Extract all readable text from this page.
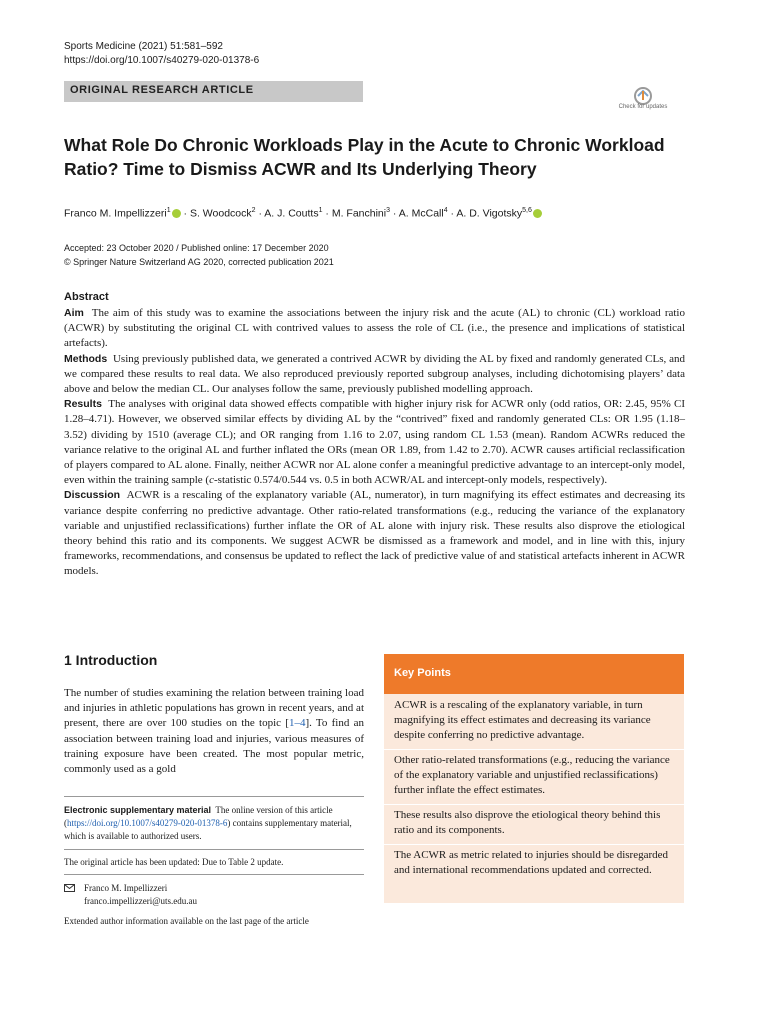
Sports Medicine (2021) 51:581–592
https://doi.org/10.1007/s40279-020-01378-6
ORIGINAL RESEARCH ARTICLE
Check for updates
What Role Do Chronic Workloads Play in the Acute to Chronic Workload Ratio? Time to Dismiss ACWR and Its Underlying Theory
Franco M. Impellizzeri$^1$ · S. Woodcock$^2$ · A. J. Coutts$^1$ · M. Fanchini$^3$ · A. McCall$^4$ · A. D. Vigotsky$^{5,6}$
Accepted: 23 October 2020 / Published online: 17 December 2020
© Springer Nature Switzerland AG 2020, corrected publication 2021
Abstract

Aim The aim of this study was to examine the associations between the injury risk and the acute (AL) to chronic (CL) workload ratio (ACWR) by substituting the original CL with contrived values to assess the role of CL (i.e., the presence and implications of statistical artefacts).

Methods Using previously published data, we generated a contrived ACWR by dividing the AL by fixed and randomly generated CLs, and we compared these results to real data. We also reproduced previously reported subgroup analyses, including dichotomising players’ data above and below the median CL. Our analyses follow the same, previously published modelling approach.

Results The analyses with original data showed effects compatible with higher injury risk for ACWR only (odd ratios, OR: 2.45, 95% CI 1.28–4.71). However, we observed similar effects by dividing AL by the “contrived” fixed and randomly generated CLs: OR 1.95 (1.18–3.52) dividing by 1510 (average CL); and OR ranging from 1.16 to 2.07, using random CL 1.53 (mean). Random ACWRs reduced the variance relative to the original AL and further inflated the ORs (mean OR 1.89, from 1.42 to 2.70). ACWR causes artificial reclassification of players compared to AL alone. Finally, neither ACWR nor AL alone confer a meaningful predictive advantage to an intercept-only model, even within the training sample (c-statistic 0.574/0.544 vs. 0.5 in both ACWR/AL and intercept-only models, respectively).

Discussion ACWR is a rescaling of the explanatory variable (AL, numerator), in turn magnifying its effect estimates and decreasing its variance despite conferring no predictive advantage. Other ratio-related transformations (e.g., reducing the variance of the explanatory variable and unjustified reclassifications) further inflate the OR of AL alone with injury risk. These results also disprove the etiological theory behind this ratio and its components. We suggest ACWR be dismissed as a framework and model, and in line with this, injury frameworks, recommendations, and consensus be updated to reflect the lack of predictive value of and statistical artefacts inherent in ACWR models.

1 Introduction
The number of studies examining the relation between training load and injuries in athletic populations has grown in recent years, and at present, there are over 100 studies on the topic [1–4]. To find an association between training load and injuries, various measures of training exposure have been created. The most popular metric, commonly used as a gold
Electronic supplementary material The online version of this article (https://doi.org/10.1007/s40279-020-01378-6) contains supplementary material, which is available to authorized users.
The original article has been updated: Due to Table 2 update.
Franco M. Impellizzeri
franco.impellizzeri@uts.edu.au
Extended author information available on the last page of the article
Key Points
ACWR is a rescaling of the explanatory variable, in turn magnifying its effect estimates and decreasing its variance despite conferring no predictive advantage.
Other ratio-related transformations (e.g., reducing the variance of the explanatory variable and unjustified reclassifications) further inflate the effect estimates.
These results also disprove the etiological theory behind this ratio and its components.
The ACWR as metric related to injuries should be disregarded and international recommendations updated and corrected.
